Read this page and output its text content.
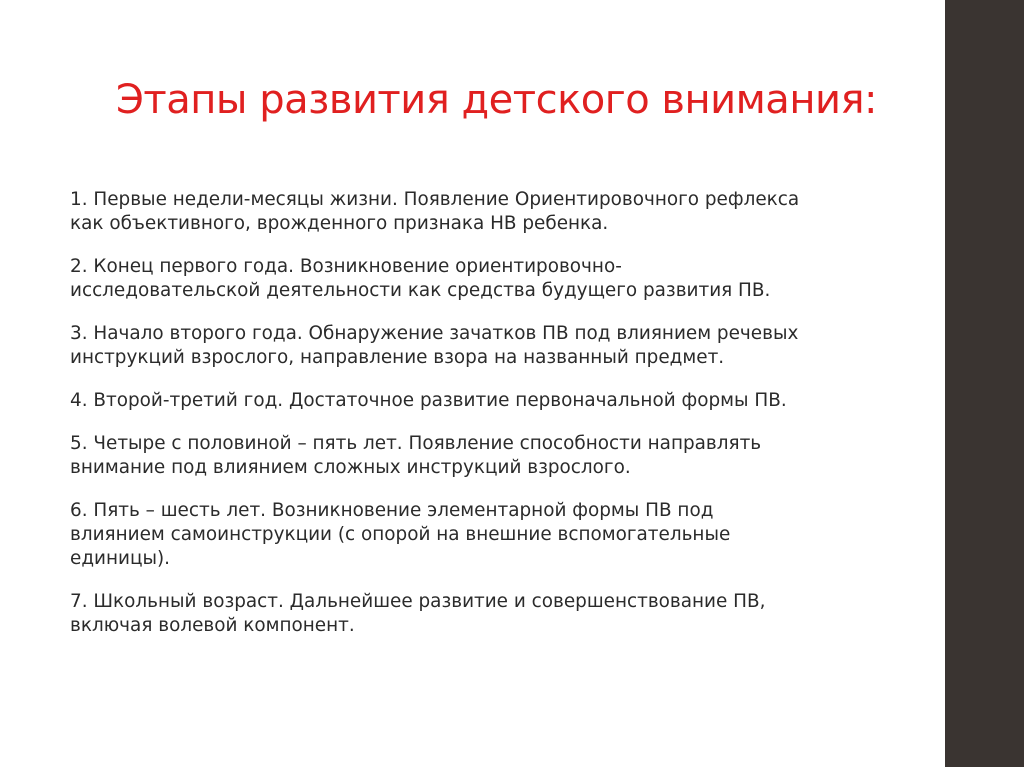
Этапы развития детского внимания:
1. Первые недели-месяцы жизни. Появление Ориентировочного рефлекса
как объективного, врожденного признака НВ ребенка.
2. Конец первого года. Возникновение ориентировочно-
исследовательской деятельности как средства будущего развития ПВ.
3. Начало второго года. Обнаружение зачатков ПВ под влиянием речевых
инструкций взрослого, направление взора на названный предмет.
4. Второй-третий год. Достаточное развитие первоначальной формы ПВ.
5. Четыре с половиной – пять лет. Появление способности направлять
внимание под влиянием сложных инструкций взрослого.
6. Пять – шесть лет. Возникновение элементарной формы ПВ под
влиянием самоинструкции (с опорой на внешние вспомогательные
единицы).
7. Школьный возраст. Дальнейшее развитие и совершенствование ПВ,
включая волевой компонент.
